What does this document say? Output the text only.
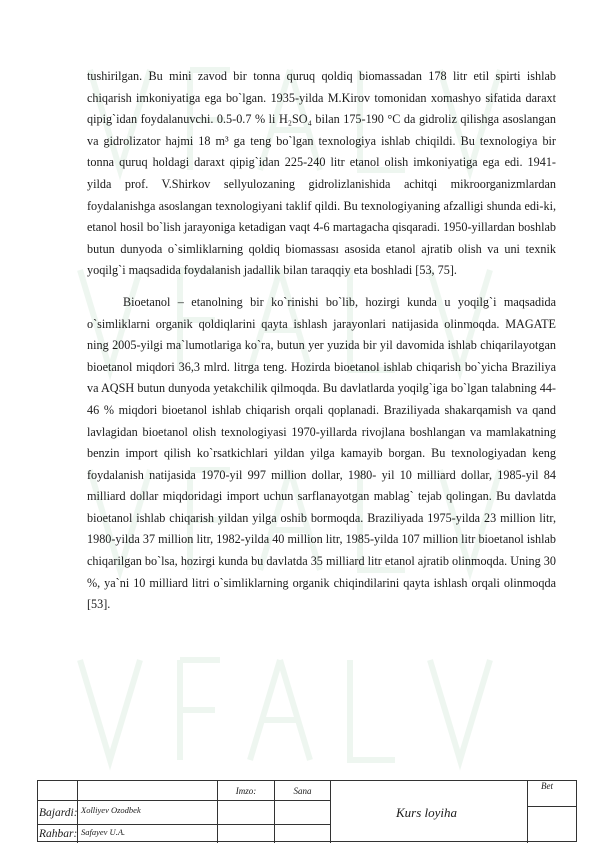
tushirilgan. Bu mini zavod bir tonna quruq qoldiq biomassadan 178 litr etil spirti ishlab chiqarish imkoniyatiga ega bo`lgan. 1935-yilda M.Kirov tomonidan xomashyo sifatida daraxt qipig`idan foydalanuvchi. 0.5-0.7 % li H₂SO₄ bilan 175-190 °C da gidroliz qilishga asoslangan va gidrolizator hajmi 18 m³ ga teng bo`lgan texnologiya ishlab chiqildi. Bu texnologiya bir tonna quruq holdagi daraxt qipig`idan 225-240 litr etanol olish imkoniyatiga ega edi. 1941-yilda prof. V.Shirkov sellyulozaning gidrolizlanishida achitqi mikroorganizmlardan foydalanishga asoslangan texnologiyani taklif qildi. Bu texnologiyaning afzalligi shunda edi-ki, etanol hosil bo`lish jarayoniga ketadigan vaqt 4-6 martagacha qisqaradi. 1950-yillardan boshlab butun dunyoda o`simliklarning qoldiq biomassası asosida etanol ajratib olish va uni texnik yoqilg`i maqsadida foydalanish jadallik bilan taraqqiy eta boshladi [53, 75].

Bioetanol – etanolning bir ko`rinishi bo`lib, hozirgi kunda u yoqilg`i maqsadida o`simliklarni organik qoldiqlarini qayta ishlash jarayonlari natijasida olinmoqda. MAGATE ning 2005-yilgi ma`lumotlariga ko`ra, butun yer yuzida bir yil davomida ishlab chiqarilayotgan bioetanol miqdori 36,3 mlrd. litrga teng. Hozirda bioetanol ishlab chiqarish bo`yicha Braziliya va AQSH butun dunyoda yetakchilik qilmoqda. Bu davlatlarda yoqilg`iga bo`lgan talabning 44-46 % miqdori bioetanol ishlab chiqarish orqali qoplanadi. Braziliyada shakarqamish va qand lavlagidan bioetanol olish texnologiyasi 1970-yillarda rivojlana boshlangan va mamlakatning benzin import qilish ko`rsatkichlari yildan yilga kamayib borgan. Bu texnologiyadan keng foydalanish natijasida 1970-yil 997 million dollar, 1980- yil 10 milliard dollar, 1985-yil 84 milliard dollar miqdoridagi import uchun sarflanayotgan mablag` tejab qolingan. Bu davlatda bioetanol ishlab chiqarish yildan yilga oshib bormoqda. Braziliyada 1975-yilda 23 million litr, 1980-yilda 37 million litr, 1982-yilda 40 million litr, 1985-yilda 107 million litr bioetanol ishlab chiqarilgan bo`lsa, hozirgi kunda bu davlatda 35 milliard litr etanol ajratib olinmoqda. Uning 30 %, ya`ni 10 milliard litri o`simliklarning organik chiqindilarini qayta ishlash orqali olinmoqda [53].

Imzo:	Sana
Bajardi: Xolliyev Ozodbek
Rahbar: Safayev U.A.
Kurs loyiha
Bet
